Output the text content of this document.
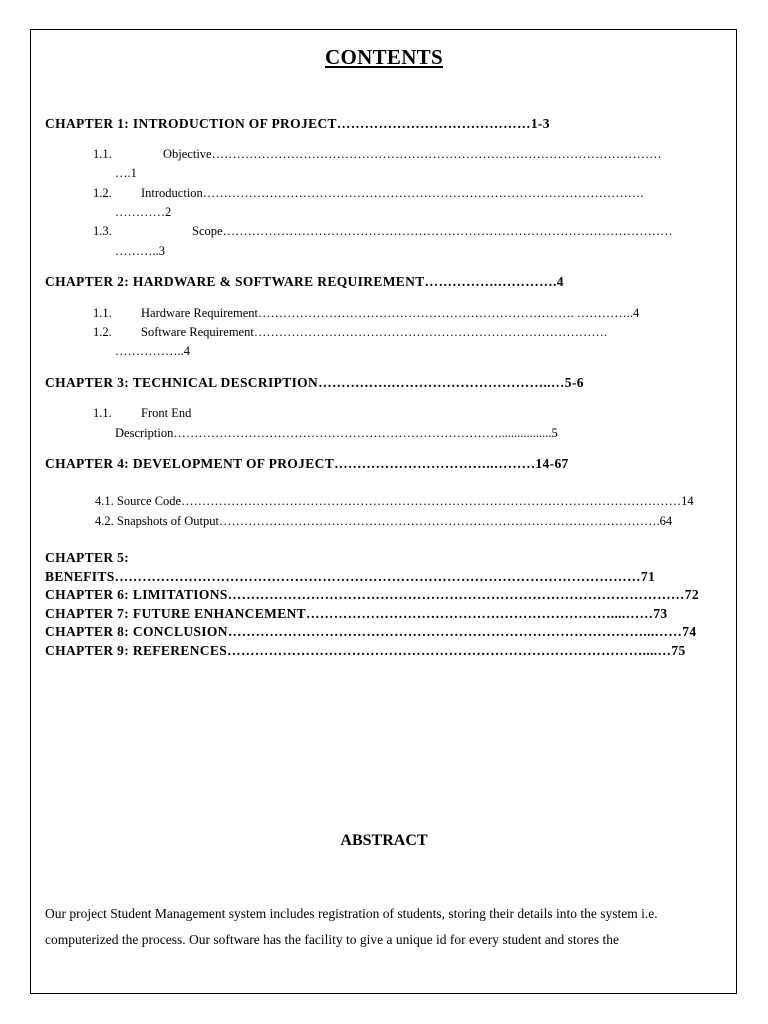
CONTENTS
CHAPTER 1: INTRODUCTION OF PROJECT……………………………………1-3
1.1.	Objective………………………………………………………………………………………………
….1
1.2. Introduction…………………………………………………………………………………………….
…………2
1.3.	Scope………………………………………………………………………………………………
………..3
CHAPTER 2: HARDWARE & SOFTWARE REQUIREMENT…………….………….4
1.1. Hardware Requirement…………………………………………………………………. …………..4
1.2. Software Requirement………………………………………………………………………….
……………..4
CHAPTER 3: TECHNICAL DESCRIPTION…………….……………………………..…5-6
1.1. Front End
Description…………………………………………………………………….................5
CHAPTER 4: DEVELOPMENT OF PROJECT……………………………..………14-67
4.1. Source Code…………………………………………………………………………………………………………14
4.2. Snapshots of Output…………………………………………………………………………………………….64
CHAPTER 5: BENEFITS……………………………………………………………………………………………………71 CHAPTER 6: LIMITATIONS………………………………………………………………………………………72 CHAPTER 7: FUTURE ENHANCEMENT…………………………………………………………....……73 CHAPTER 8: CONCLUSION………………………………………………………………………………...……74 CHAPTER 9: REFERENCES………………………………………………………………………………....…75
ABSTRACT
Our project Student Management system includes registration of students, storing their details into the system i.e. computerized the process. Our software has the facility to give a unique id for every student and stores the
